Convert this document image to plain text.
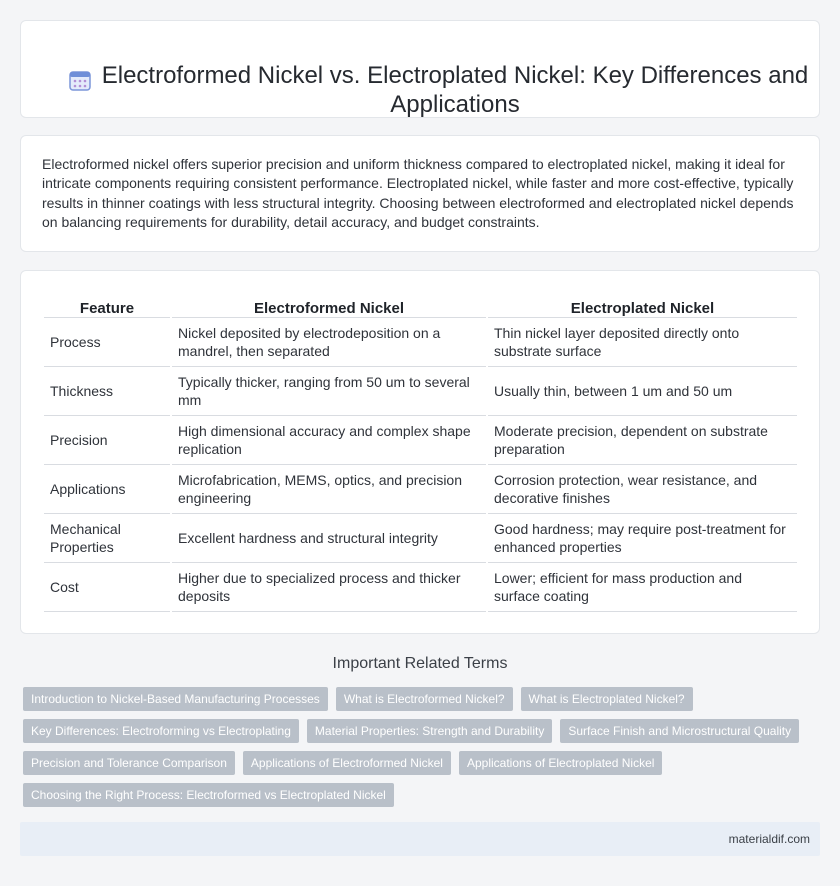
Electroformed Nickel vs. Electroplated Nickel: Key Differences and Applications

Electroformed nickel offers superior precision and uniform thickness compared to electroplated nickel, making it ideal for intricate components requiring consistent performance. Electroplated nickel, while faster and more cost-effective, typically results in thinner coatings with less structural integrity. Choosing between electroformed and electroplated nickel depends on balancing requirements for durability, detail accuracy, and budget constraints.

Feature	Electroformed Nickel	Electroplated Nickel
Process	Nickel deposited by electrodeposition on a mandrel, then separated	Thin nickel layer deposited directly onto substrate surface
Thickness	Typically thicker, ranging from 50 um to several mm	Usually thin, between 1 um and 50 um
Precision	High dimensional accuracy and complex shape replication	Moderate precision, dependent on substrate preparation
Applications	Microfabrication, MEMS, optics, and precision engineering	Corrosion protection, wear resistance, and decorative finishes
Mechanical Properties	Excellent hardness and structural integrity	Good hardness; may require post-treatment for enhanced properties
Cost	Higher due to specialized process and thicker deposits	Lower; efficient for mass production and surface coating
Important Related Terms
Introduction to Nickel-Based Manufacturing Processes	What is Electroformed Nickel?	What is Electroplated Nickel?
Key Differences: Electroforming vs Electroplating	Material Properties: Strength and Durability	Surface Finish and Microstructural Quality
Precision and Tolerance Comparison	Applications of Electroformed Nickel	Applications of Electroplated Nickel
Choosing the Right Process: Electroformed vs Electroplated Nickel
materialdif.com
